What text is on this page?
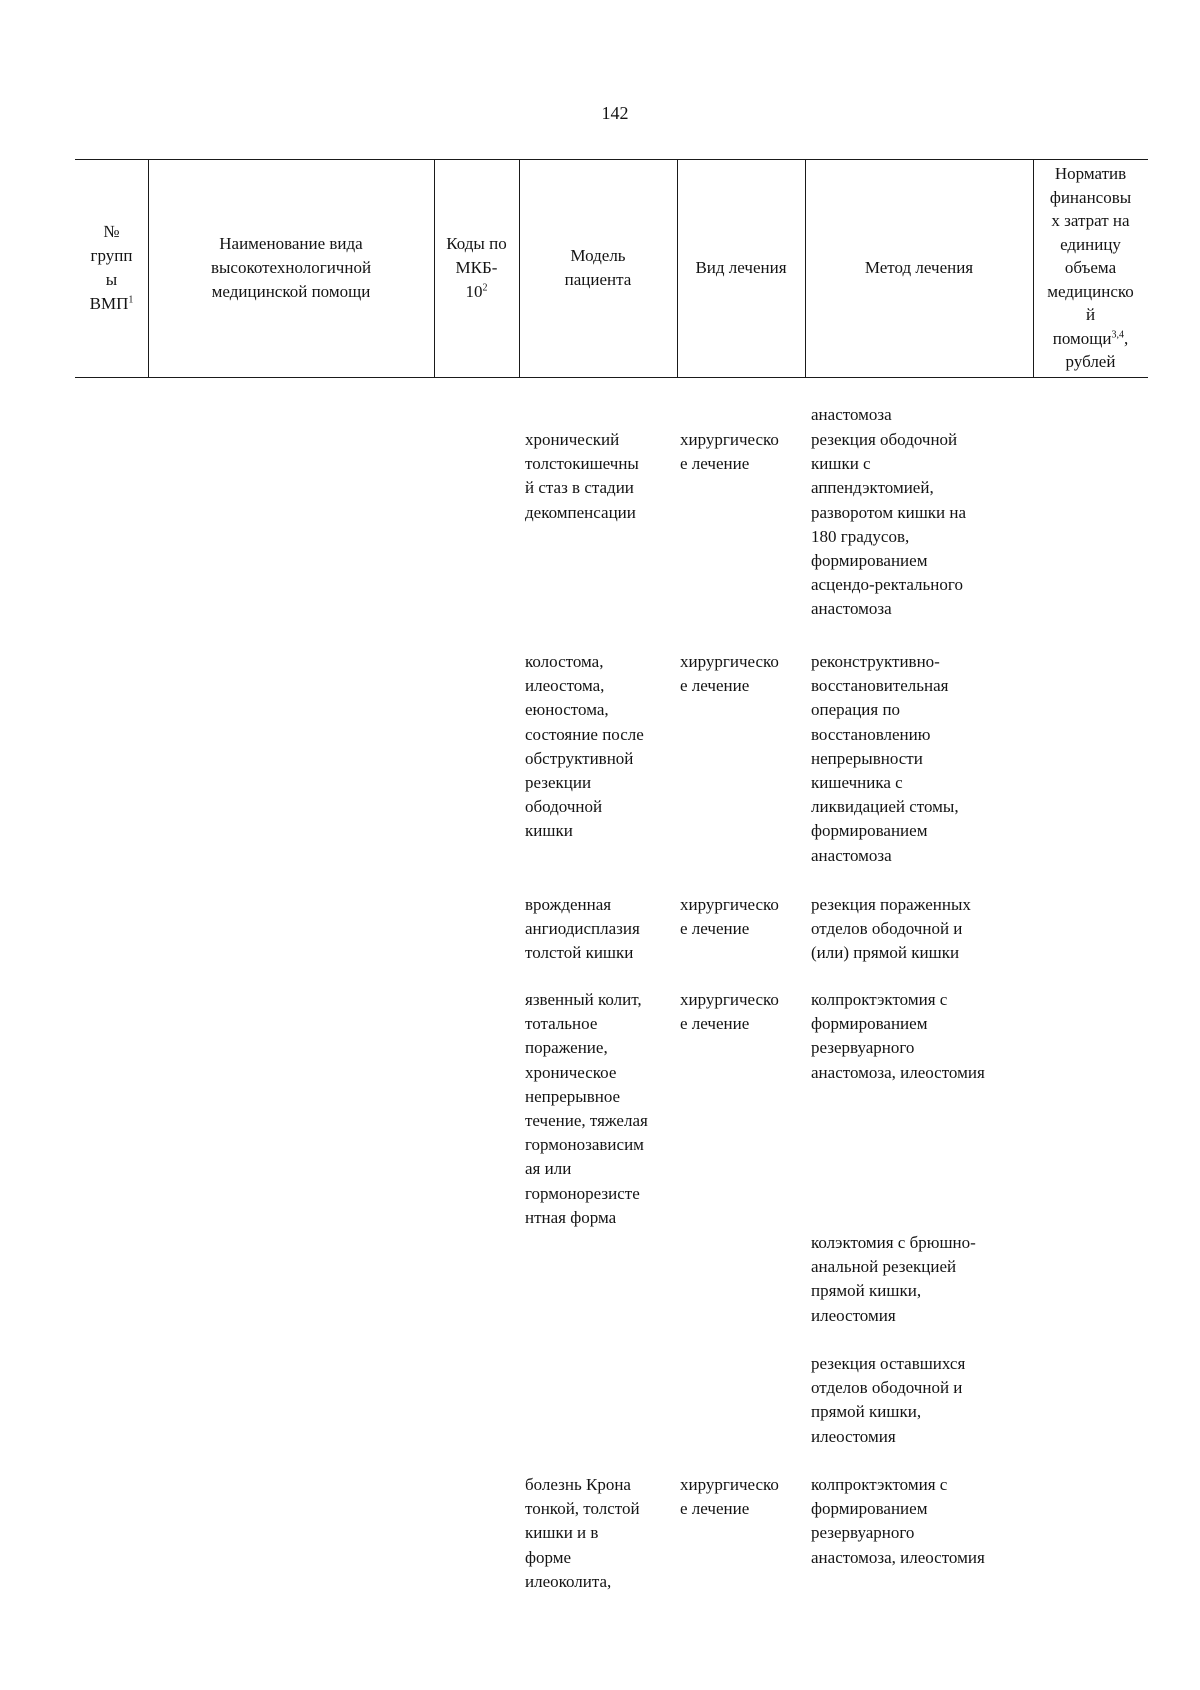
142
№
групп
ы
ВМП$^1$
Наименование вида
высокотехнологичной
медицинской помощи
Коды по
МКБ-
$10^2$
Модель
пациента
Вид лечения	Метод лечения
Норматив
финансовы
х затрат на
единицу
объема
медицинско
й
помощи$^{3,4}$,
рублей
анастомоза
хронический
толстокишечны
й стаз в стадии
декомпенсации
хирургическо
е лечение
резекция ободочной
кишки с
аппендэктомией,
разворотом кишки на
180 градусов,
формированием
асцендо-ректального
анастомоза
колостома,
илеостома,
еюностома,
состояние после
обструктивной
резекции
ободочной
кишки
хирургическо
е лечение
реконструктивно-
восстановительная
операция по
восстановлению
непрерывности
кишечника с
ликвидацией стомы,
формированием
анастомоза
врожденная
ангиодисплазия
толстой кишки
хирургическо
е лечение
резекция пораженных
отделов ободочной и
(или) прямой кишки
язвенный колит,
тотальное
поражение,
хроническое
непрерывное
течение, тяжелая
гормонозависим
ая или
гормонорезисте
нтная форма
хирургическо
е лечение
колпроктэктомия с
формированием
резервуарного
анастомоза, илеостомия
колэктомия с брюшно-
анальной резекцией
прямой кишки,
илеостомия
резекция оставшихся
отделов ободочной и
прямой кишки,
илеостомия
болезнь Крона
тонкой, толстой
кишки и в
форме
илеоколита,
хирургическо
е лечение
колпроктэктомия с
формированием
резервуарного
анастомоза, илеостомия
